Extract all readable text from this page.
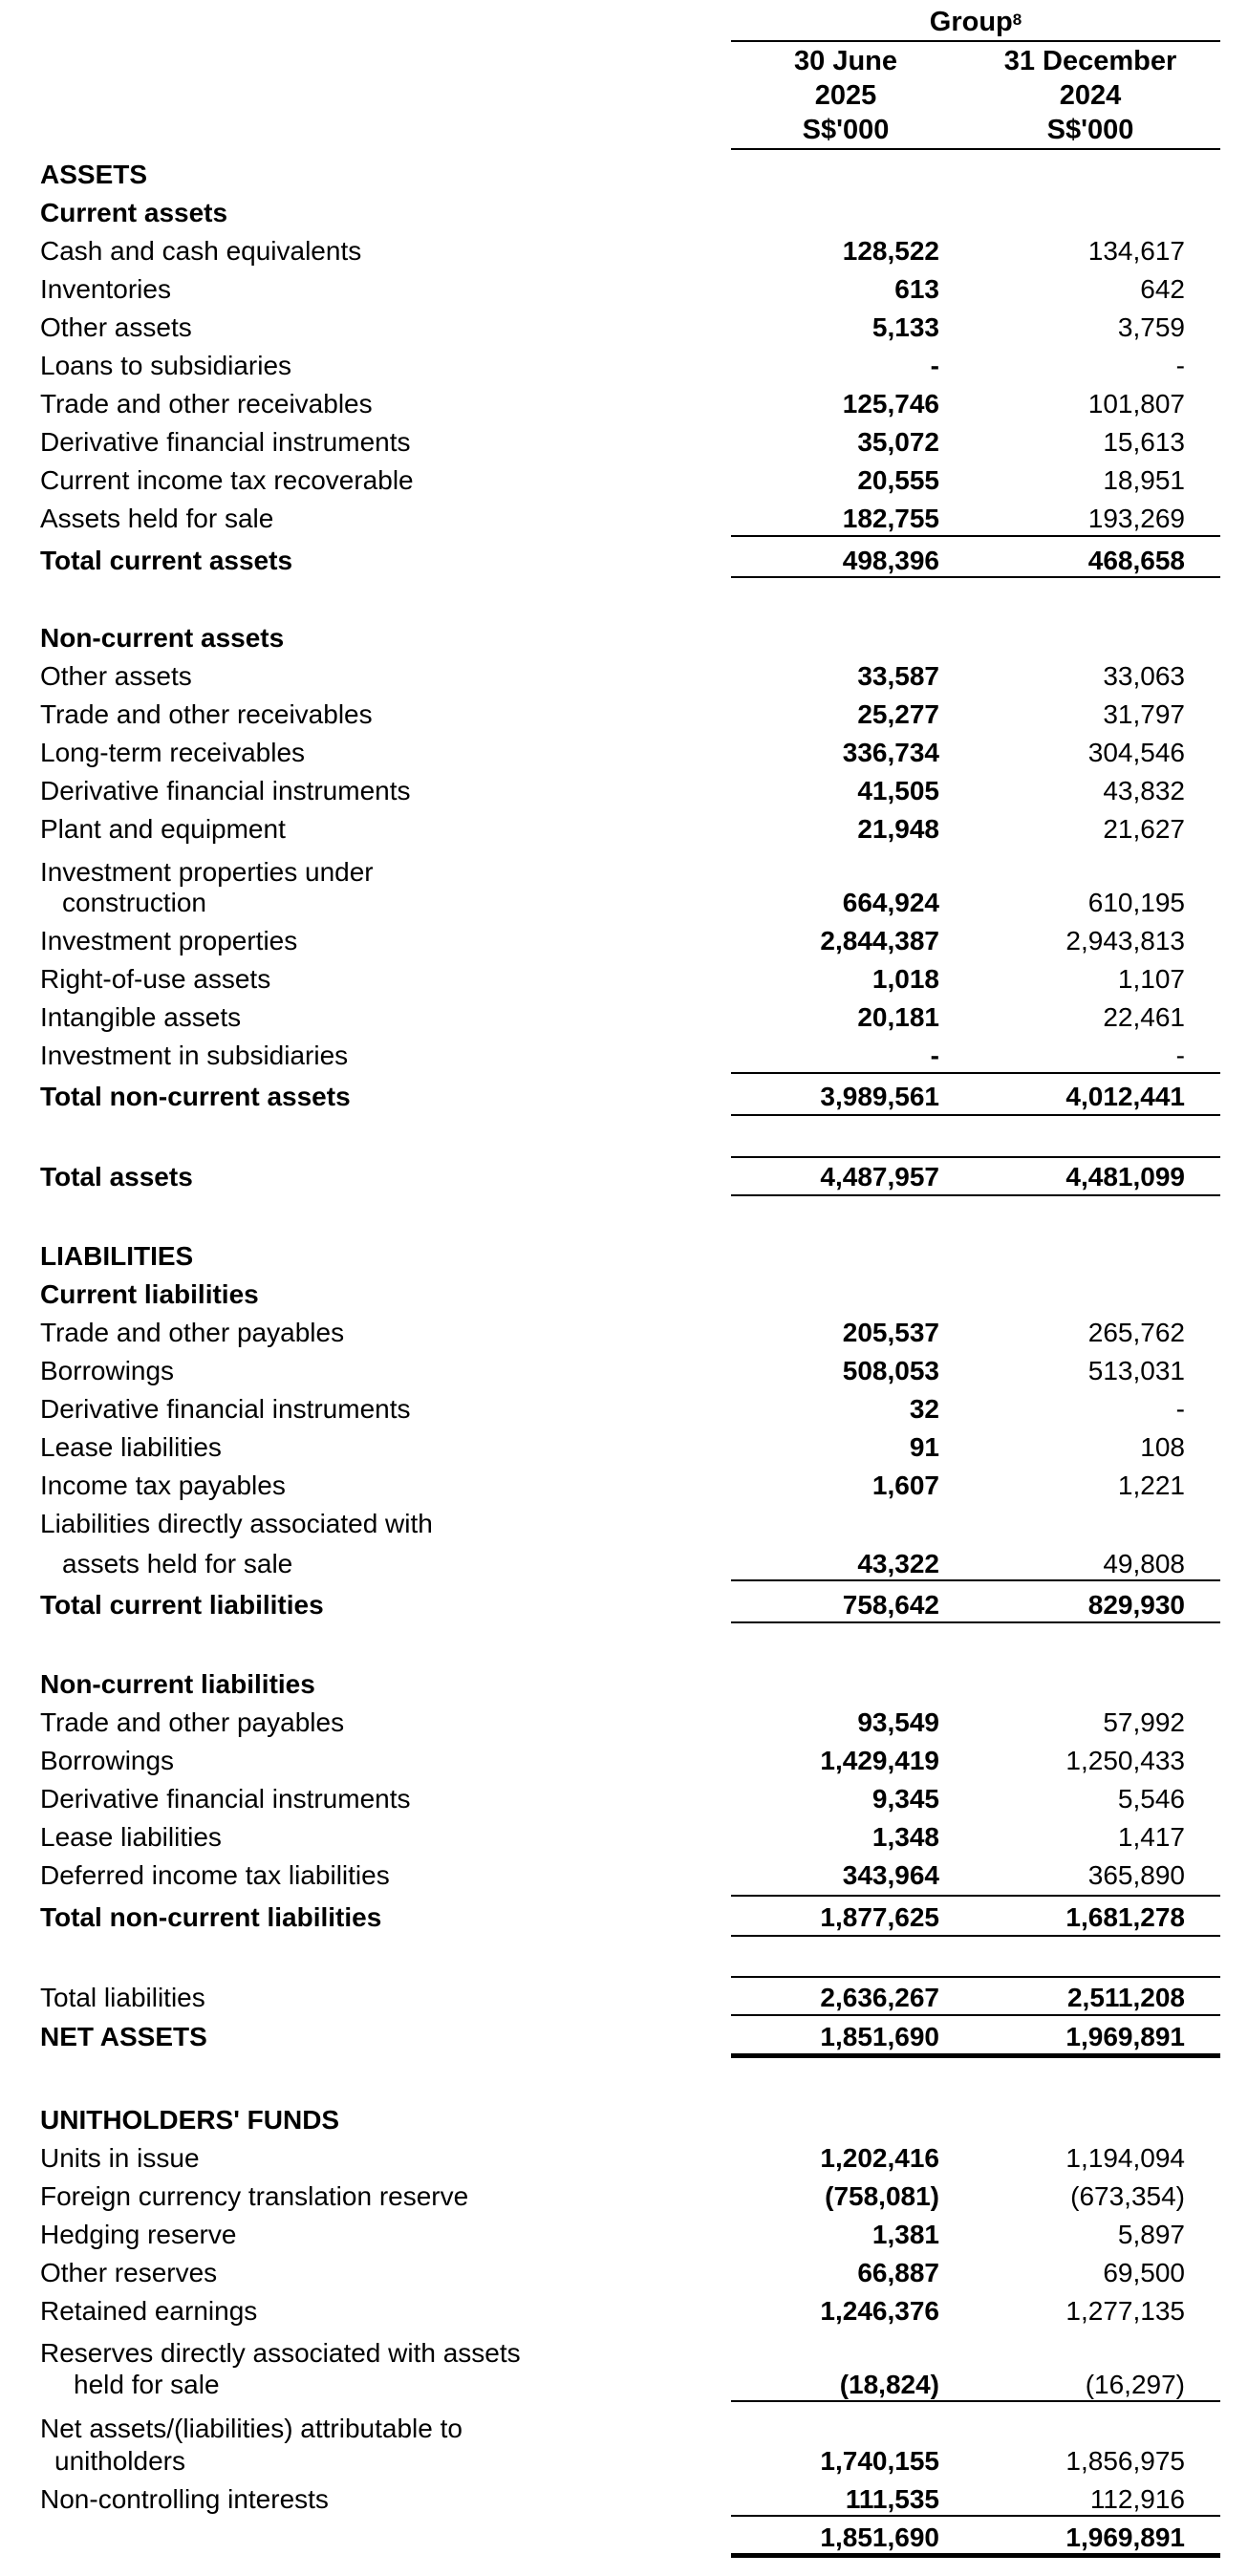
Group$^8$
30 June
2025
S$'000
31 December
2024
S$'000
ASSETS
Current assets
Cash and cash equivalents	128,522	134,617
Inventories	613	642
Other assets	5,133	3,759
Loans to subsidiaries	-	-
Trade and other receivables	125,746	101,807
Derivative financial instruments	35,072	15,613
Current income tax recoverable	20,555	18,951
Assets held for sale	182,755	193,269
Total current assets	498,396	468,658
Non-current assets
Other assets	33,587	33,063
Trade and other receivables	25,277	31,797
Long-term receivables	336,734	304,546
Derivative financial instruments	41,505	43,832
Plant and equipment	21,948	21,627
Investment properties under
construction	664,924	610,195
Investment properties	2,844,387	2,943,813
Right-of-use assets	1,018	1,107
Intangible assets	20,181	22,461
Investment in subsidiaries	-	-
Total non-current assets	3,989,561	4,012,441
Total assets	4,487,957	4,481,099
LIABILITIES
Current liabilities
Trade and other payables	205,537	265,762
Borrowings	508,053	513,031
Derivative financial instruments	32	-
Lease liabilities	91	108
Income tax payables	1,607	1,221
Liabilities directly associated with
assets held for sale	43,322	49,808
Total current liabilities	758,642	829,930
Non-current liabilities
Trade and other payables	93,549	57,992
Borrowings	1,429,419	1,250,433
Derivative financial instruments	9,345	5,546
Lease liabilities	1,348	1,417
Deferred income tax liabilities	343,964	365,890
Total non-current liabilities	1,877,625	1,681,278
Total liabilities	2,636,267	2,511,208
NET ASSETS	1,851,690	1,969,891
UNITHOLDERS' FUNDS
Units in issue	1,202,416	1,194,094
Foreign currency translation reserve	(758,081)	(673,354)
Hedging reserve	1,381	5,897
Other reserves	66,887	69,500
Retained earnings	1,246,376	1,277,135
Reserves directly associated with assets
held for sale	(18,824)	(16,297)
Net assets/(liabilities) attributable to
unitholders	1,740,155	1,856,975
Non-controlling interests	111,535	112,916
1,851,690	1,969,891
